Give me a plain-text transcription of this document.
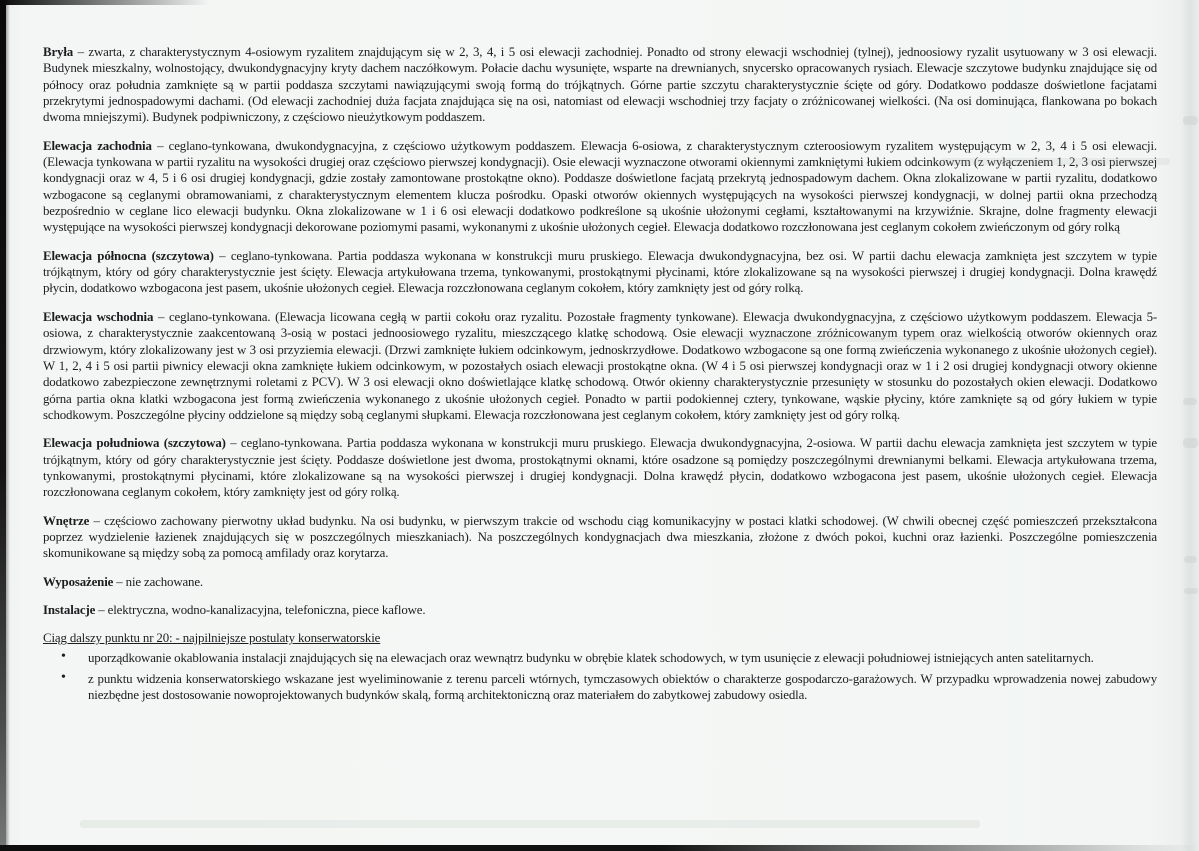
Bryła – zwarta, z charakterystycznym 4-osiowym ryzalitem znajdującym się w 2, 3, 4, i 5 osi elewacji zachodniej. Ponadto od strony elewacji wschodniej (tylnej), jednoosiowy ryzalit usytuowany w 3 osi elewacji. Budynek mieszkalny, wolnostojący, dwukondygnacyjny kryty dachem naczółkowym. Połacie dachu wysunięte, wsparte na drewnianych, snycersko opracowanych rysiach. Elewacje szczytowe budynku znajdujące się od północy oraz południa zamknięte są w partii poddasza szczytami nawiązującymi swoją formą do trójkątnych. Górne partie szczytu charakterystycznie ścięte od góry. Dodatkowo poddasze doświetlone facjatami przekrytymi jednospadowymi dachami. (Od elewacji zachodniej duża facjata znajdująca się na osi, natomiast od elewacji wschodniej trzy facjaty o zróżnicowanej wielkości. (Na osi dominująca, flankowana po bokach dwoma mniejszymi). Budynek podpiwniczony, z częściowo nieużytkowym poddaszem.

Elewacja zachodnia – ceglano-tynkowana, dwukondygnacyjna, z częściowo użytkowym poddaszem. Elewacja 6-osiowa, z charakterystycznym czteroosiowym ryzalitem występującym w 2, 3, 4 i 5 osi elewacji. (Elewacja tynkowana w partii ryzalitu na wysokości drugiej oraz częściowo pierwszej kondygnacji). Osie elewacji wyznaczone otworami okiennymi zamkniętymi łukiem odcinkowym (z wyłączeniem 1, 2, 3 osi pierwszej kondygnacji oraz w 4, 5 i 6 osi drugiej kondygnacji, gdzie zostały zamontowane prostokątne okno). Poddasze doświetlone facjatą przekrytą jednospadowym dachem. Okna zlokalizowane w partii ryzalitu, dodatkowo wzbogacone są ceglanymi obramowaniami, z charakterystycznym elementem klucza pośrodku. Opaski otworów okiennych występujących na wysokości pierwszej kondygnacji, w dolnej partii okna przechodzą bezpośrednio w ceglane lico elewacji budynku. Okna zlokalizowane w 1 i 6 osi elewacji dodatkowo podkreślone są ukośnie ułożonymi cegłami, kształtowanymi na krzywiźnie. Skrajne, dolne fragmenty elewacji występujące na wysokości pierwszej kondygnacji dekorowane poziomymi pasami, wykonanymi z ukośnie ułożonych cegieł. Elewacja dodatkowo rozczłonowana jest ceglanym cokołem zwieńczonym od góry rolką

Elewacja północna (szczytowa) – ceglano-tynkowana. Partia poddasza wykonana w konstrukcji muru pruskiego. Elewacja dwukondygnacyjna, bez osi. W partii dachu elewacja zamknięta jest szczytem w typie trójkątnym, który od góry charakterystycznie jest ścięty. Elewacja artykułowana trzema, tynkowanymi, prostokątnymi płycinami, które zlokalizowane są na wysokości pierwszej i drugiej kondygnacji. Dolna krawędź płycin, dodatkowo wzbogacona jest pasem, ukośnie ułożonych cegieł. Elewacja rozczłonowana ceglanym cokołem, który zamknięty jest od góry rolką.

Elewacja wschodnia – ceglano-tynkowana. (Elewacja licowana cegłą w partii cokołu oraz ryzalitu. Pozostałe fragmenty tynkowane). Elewacja dwukondygnacyjna, z częściowo użytkowym poddaszem. Elewacja 5-osiowa, z charakterystycznie zaakcentowaną 3-osią w postaci jednoosiowego ryzalitu, mieszczącego klatkę schodową. Osie elewacji wyznaczone zróżnicowanym typem oraz wielkością otworów okiennych oraz drzwiowym, który zlokalizowany jest w 3 osi przyziemia elewacji. (Drzwi zamknięte łukiem odcinkowym, jednoskrzydłowe. Dodatkowo wzbogacone są one formą zwieńczenia wykonanego z ukośnie ułożonych cegieł). W 1, 2, 4 i 5 osi partii piwnicy elewacji okna zamknięte łukiem odcinkowym, w pozostałych osiach elewacji prostokątne okna. (W 4 i 5 osi pierwszej kondygnacji oraz w 1 i 2 osi drugiej kondygnacji otwory okienne dodatkowo zabezpieczone zewnętrznymi roletami z PCV). W 3 osi elewacji okno doświetlające klatkę schodową. Otwór okienny charakterystycznie przesunięty w stosunku do pozostałych okien elewacji. Dodatkowo górna partia okna klatki wzbogacona jest formą zwieńczenia wykonanego z ukośnie ułożonych cegieł. Ponadto w partii podokiennej cztery, tynkowane, wąskie płyciny, które zamknięte są od góry łukiem w typie schodkowym. Poszczególne płyciny oddzielone są między sobą ceglanymi słupkami. Elewacja rozczłonowana jest ceglanym cokołem, który zamknięty jest od góry rolką.

Elewacja południowa (szczytowa) – ceglano-tynkowana. Partia poddasza wykonana w konstrukcji muru pruskiego. Elewacja dwukondygnacyjna, 2-osiowa. W partii dachu elewacja zamknięta jest szczytem w typie trójkątnym, który od góry charakterystycznie jest ścięty. Poddasze doświetlone jest dwoma, prostokątnymi oknami, które osadzone są pomiędzy poszczególnymi drewnianymi belkami. Elewacja artykułowana trzema, tynkowanymi, prostokątnymi płycinami, które zlokalizowane są na wysokości pierwszej i drugiej kondygnacji. Dolna krawędź płycin, dodatkowo wzbogacona jest pasem, ukośnie ułożonych cegieł. Elewacja rozczłonowana ceglanym cokołem, który zamknięty jest od góry rolką.

Wnętrze – częściowo zachowany pierwotny układ budynku. Na osi budynku, w pierwszym trakcie od wschodu ciąg komunikacyjny w postaci klatki schodowej. (W chwili obecnej część pomieszczeń przekształcona poprzez wydzielenie łazienek znajdujących się w poszczególnych mieszkaniach). Na poszczególnych kondygnacjach dwa mieszkania, złożone z dwóch pokoi, kuchni oraz łazienki. Poszczególne pomieszczenia skomunikowane są między sobą za pomocą amfilady oraz korytarza.

Wyposażenie – nie zachowane.

Instalacje – elektryczna, wodno-kanalizacyjna, telefoniczna, piece kaflowe.

Ciąg dalszy punktu nr 20: - najpilniejsze postulaty konserwatorskie

• uporządkowanie okablowania instalacji znajdujących się na elewacjach oraz wewnątrz budynku w obrębie klatek schodowych, w tym usunięcie z elewacji południowej istniejących anten satelitarnych.
• z punktu widzenia konserwatorskiego wskazane jest wyeliminowanie z terenu parceli wtórnych, tymczasowych obiektów o charakterze gospodarczo-garażowych. W przypadku wprowadzenia nowej zabudowy niezbędne jest dostosowanie nowoprojektowanych budynków skalą, formą architektoniczną oraz materiałem do zabytkowej zabudowy osiedla.
